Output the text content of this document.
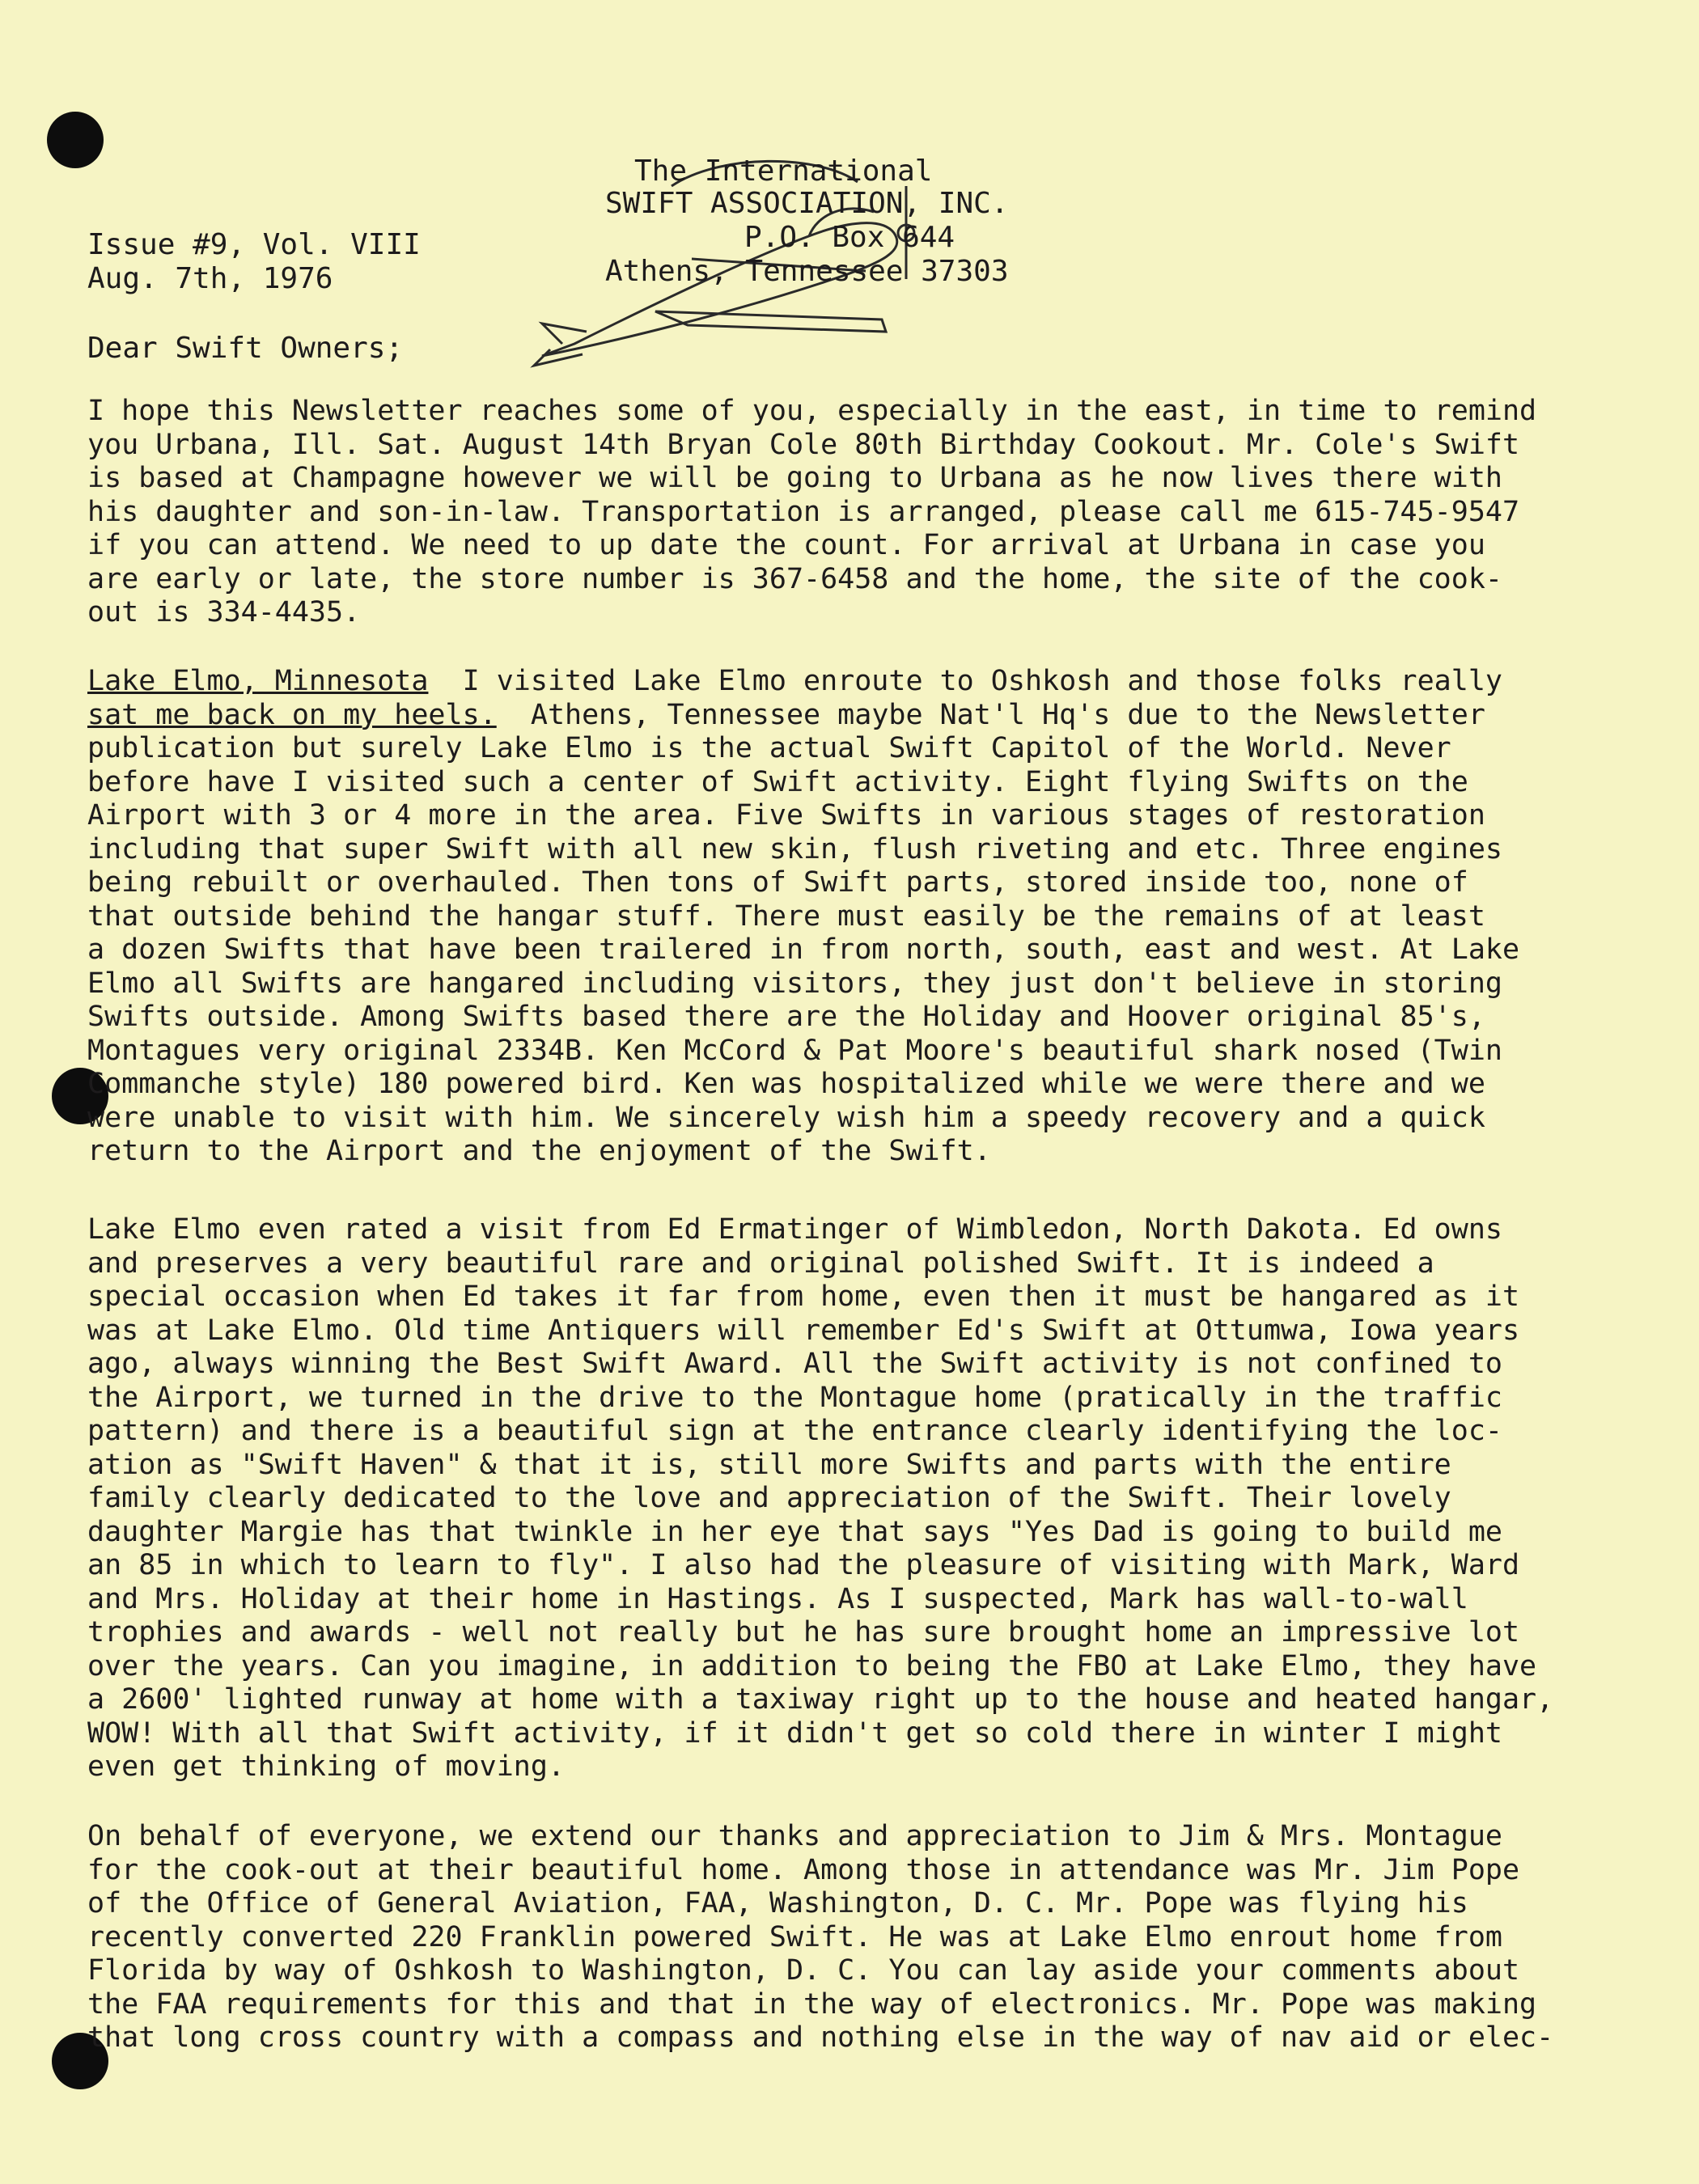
The International
SWIFT ASSOCIATION, INC.
P.O. Box 644
Athens, Tennessee 37303
Issue #9, Vol. VIII
Aug. 7th, 1976
Dear Swift Owners;
I hope this Newsletter reaches some of you, especially in the east, in time to remind
you Urbana, Ill. Sat. August 14th Bryan Cole 80th Birthday Cookout. Mr. Cole's Swift
is based at Champagne however we will be going to Urbana as he now lives there with
his daughter and son-in-law. Transportation is arranged, please call me 615-745-9547
if you can attend. We need to up date the count. For arrival at Urbana in case you
are early or late, the store number is 367-6458 and the home, the site of the cook-
out is 334-4435.
Lake Elmo, Minnesota  I visited Lake Elmo enroute to Oshkosh and those folks really
sat me back on my heels.  Athens, Tennessee maybe Nat'l Hq's due to the Newsletter
publication but surely Lake Elmo is the actual Swift Capitol of the World. Never
before have I visited such a center of Swift activity. Eight flying Swifts on the
Airport with 3 or 4 more in the area. Five Swifts in various stages of restoration
including that super Swift with all new skin, flush riveting and etc. Three engines
being rebuilt or overhauled. Then tons of Swift parts, stored inside too, none of
that outside behind the hangar stuff. There must easily be the remains of at least
a dozen Swifts that have been trailered in from north, south, east and west. At Lake
Elmo all Swifts are hangared including visitors, they just don't believe in storing
Swifts outside. Among Swifts based there are the Holiday and Hoover original 85's,
Montagues very original 2334B. Ken McCord & Pat Moore's beautiful shark nosed (Twin
Commanche style) 180 powered bird. Ken was hospitalized while we were there and we
were unable to visit with him. We sincerely wish him a speedy recovery and a quick
return to the Airport and the enjoyment of the Swift.
Lake Elmo even rated a visit from Ed Ermatinger of Wimbledon, North Dakota. Ed owns
and preserves a very beautiful rare and original polished Swift. It is indeed a
special occasion when Ed takes it far from home, even then it must be hangared as it
was at Lake Elmo. Old time Antiquers will remember Ed's Swift at Ottumwa, Iowa years
ago, always winning the Best Swift Award. All the Swift activity is not confined to
the Airport, we turned in the drive to the Montague home (pratically in the traffic
pattern) and there is a beautiful sign at the entrance clearly identifying the loc-
ation as "Swift Haven" & that it is, still more Swifts and parts with the entire
family clearly dedicated to the love and appreciation of the Swift. Their lovely
daughter Margie has that twinkle in her eye that says "Yes Dad is going to build me
an 85 in which to learn to fly". I also had the pleasure of visiting with Mark, Ward
and Mrs. Holiday at their home in Hastings. As I suspected, Mark has wall-to-wall
trophies and awards - well not really but he has sure brought home an impressive lot
over the years. Can you imagine, in addition to being the FBO at Lake Elmo, they have
a 2600' lighted runway at home with a taxiway right up to the house and heated hangar,
WOW! With all that Swift activity, if it didn't get so cold there in winter I might
even get thinking of moving.
On behalf of everyone, we extend our thanks and appreciation to Jim & Mrs. Montague
for the cook-out at their beautiful home. Among those in attendance was Mr. Jim Pope
of the Office of General Aviation, FAA, Washington, D. C. Mr. Pope was flying his
recently converted 220 Franklin powered Swift. He was at Lake Elmo enrout home from
Florida by way of Oshkosh to Washington, D. C. You can lay aside your comments about
the FAA requirements for this and that in the way of electronics. Mr. Pope was making
that long cross country with a compass and nothing else in the way of nav aid or elec-
